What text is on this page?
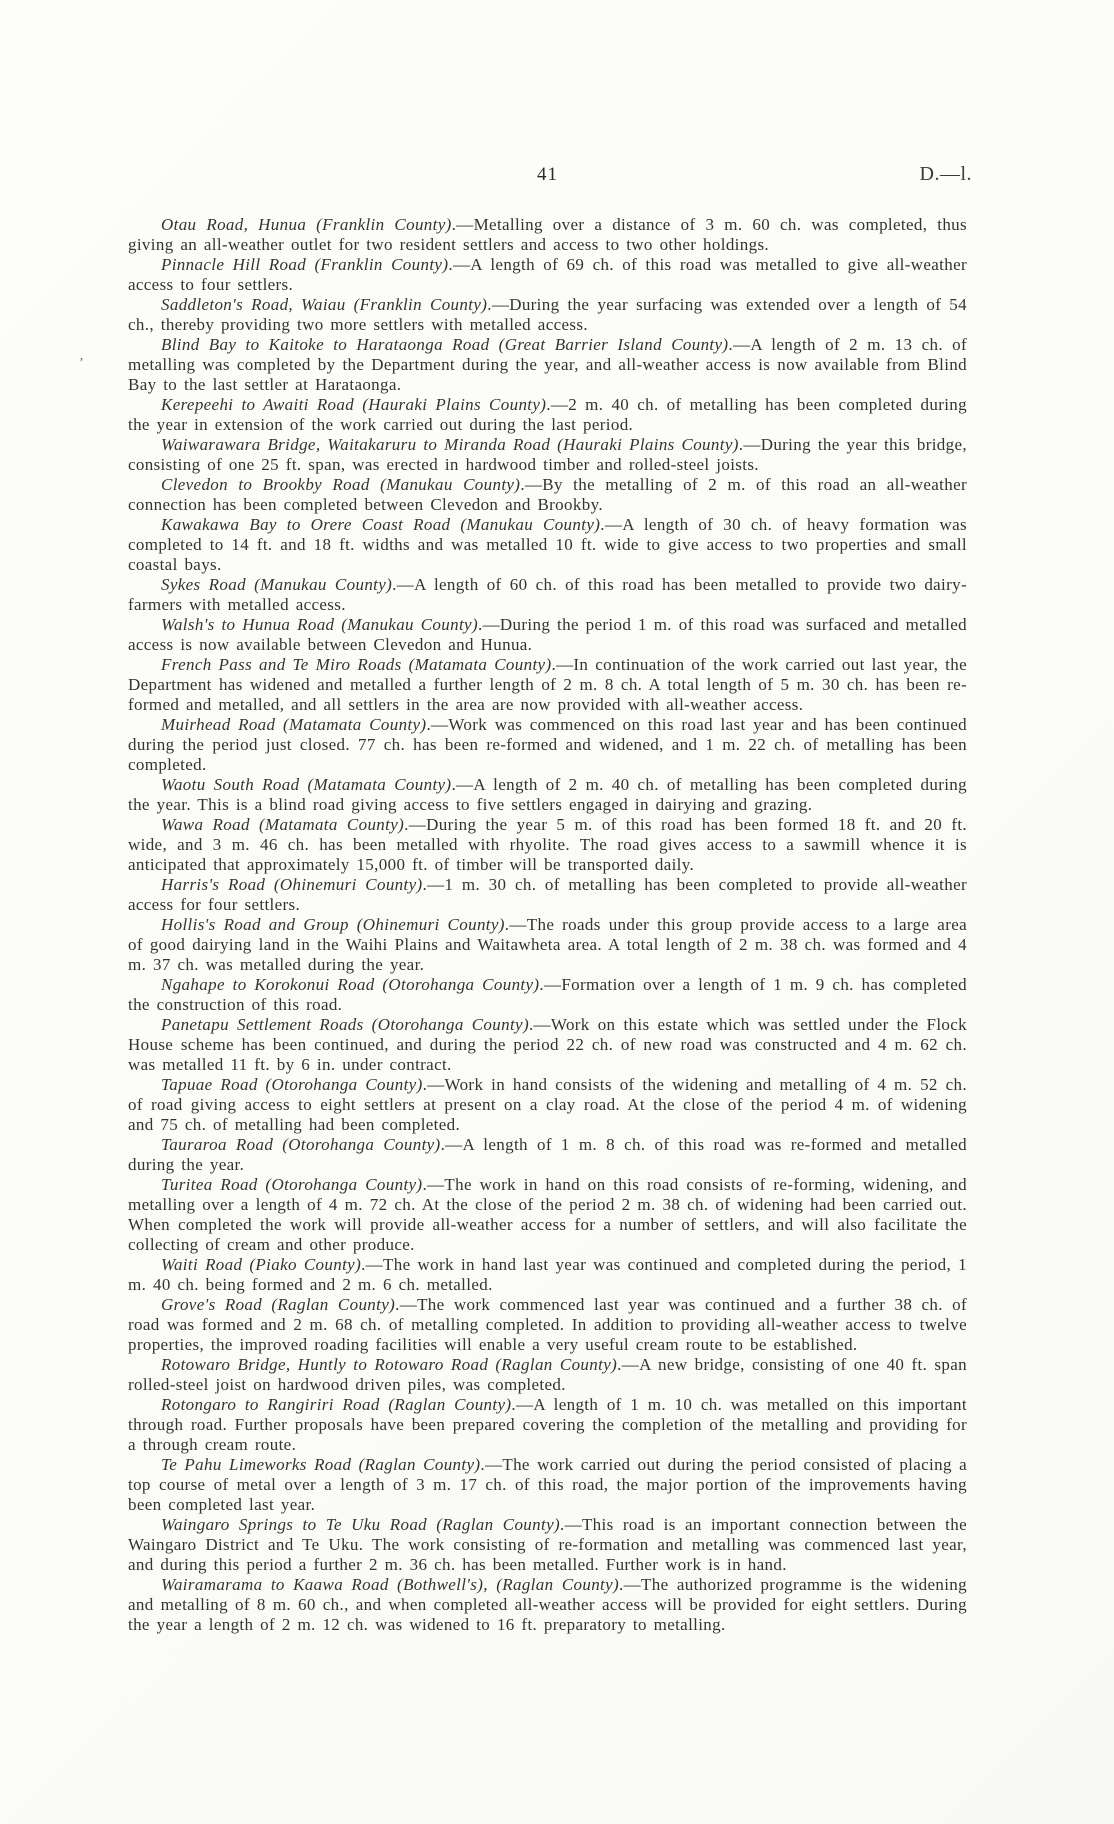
41	D.—l.
’

Otau Road, Hunua (Franklin County).—Metalling over a distance of 3 m. 60 ch. was completed, thus giving an all-weather outlet for two resident settlers and access to two other holdings.

Pinnacle Hill Road (Franklin County).—A length of 69 ch. of this road was metalled to give all-weather access to four settlers.

Saddleton's Road, Waiau (Franklin County).—During the year surfacing was extended over a length of 54 ch., thereby providing two more settlers with metalled access.

Blind Bay to Kaitoke to Harataonga Road (Great Barrier Island County).—A length of 2 m. 13 ch. of metalling was completed by the Department during the year, and all-weather access is now available from Blind Bay to the last settler at Harataonga.

Kerepeehi to Awaiti Road (Hauraki Plains County).—2 m. 40 ch. of metalling has been completed during the year in extension of the work carried out during the last period.

Waiwarawara Bridge, Waitakaruru to Miranda Road (Hauraki Plains County).—During the year this bridge, consisting of one 25 ft. span, was erected in hardwood timber and rolled-steel joists.

Clevedon to Brookby Road (Manukau County).—By the metalling of 2 m. of this road an all-weather connection has been completed between Clevedon and Brookby.

Kawakawa Bay to Orere Coast Road (Manukau County).—A length of 30 ch. of heavy formation was completed to 14 ft. and 18 ft. widths and was metalled 10 ft. wide to give access to two properties and small coastal bays.

Sykes Road (Manukau County).—A length of 60 ch. of this road has been metalled to provide two dairy-farmers with metalled access.

Walsh's to Hunua Road (Manukau County).—During the period 1 m. of this road was surfaced and metalled access is now available between Clevedon and Hunua.

French Pass and Te Miro Roads (Matamata County).—In continuation of the work carried out last year, the Department has widened and metalled a further length of 2 m. 8 ch. A total length of 5 m. 30 ch. has been re-formed and metalled, and all settlers in the area are now provided with all-weather access.

Muirhead Road (Matamata County).—Work was commenced on this road last year and has been continued during the period just closed. 77 ch. has been re-formed and widened, and 1 m. 22 ch. of metalling has been completed.

Waotu South Road (Matamata County).—A length of 2 m. 40 ch. of metalling has been completed during the year. This is a blind road giving access to five settlers engaged in dairying and grazing.

Wawa Road (Matamata County).—During the year 5 m. of this road has been formed 18 ft. and 20 ft. wide, and 3 m. 46 ch. has been metalled with rhyolite. The road gives access to a sawmill whence it is anticipated that approximately 15,000 ft. of timber will be transported daily.

Harris's Road (Ohinemuri County).—1 m. 30 ch. of metalling has been completed to provide all-weather access for four settlers.

Hollis's Road and Group (Ohinemuri County).—The roads under this group provide access to a large area of good dairying land in the Waihi Plains and Waitawheta area. A total length of 2 m. 38 ch. was formed and 4 m. 37 ch. was metalled during the year.

Ngahape to Korokonui Road (Otorohanga County).—Formation over a length of 1 m. 9 ch. has completed the construction of this road.

Panetapu Settlement Roads (Otorohanga County).—Work on this estate which was settled under the Flock House scheme has been continued, and during the period 22 ch. of new road was constructed and 4 m. 62 ch. was metalled 11 ft. by 6 in. under contract.

Tapuae Road (Otorohanga County).—Work in hand consists of the widening and metalling of 4 m. 52 ch. of road giving access to eight settlers at present on a clay road. At the close of the period 4 m. of widening and 75 ch. of metalling had been completed.

Tauraroa Road (Otorohanga County).—A length of 1 m. 8 ch. of this road was re-formed and metalled during the year.

Turitea Road (Otorohanga County).—The work in hand on this road consists of re-forming, widening, and metalling over a length of 4 m. 72 ch. At the close of the period 2 m. 38 ch. of widening had been carried out. When completed the work will provide all-weather access for a number of settlers, and will also facilitate the collecting of cream and other produce.

Waiti Road (Piako County).—The work in hand last year was continued and completed during the period, 1 m. 40 ch. being formed and 2 m. 6 ch. metalled.

Grove's Road (Raglan County).—The work commenced last year was continued and a further 38 ch. of road was formed and 2 m. 68 ch. of metalling completed. In addition to providing all-weather access to twelve properties, the improved roading facilities will enable a very useful cream route to be established.

Rotowaro Bridge, Huntly to Rotowaro Road (Raglan County).—A new bridge, consisting of one 40 ft. span rolled-steel joist on hardwood driven piles, was completed.

Rotongaro to Rangiriri Road (Raglan County).—A length of 1 m. 10 ch. was metalled on this important through road. Further proposals have been prepared covering the completion of the metalling and providing for a through cream route.

Te Pahu Limeworks Road (Raglan County).—The work carried out during the period consisted of placing a top course of metal over a length of 3 m. 17 ch. of this road, the major portion of the improvements having been completed last year.

Waingaro Springs to Te Uku Road (Raglan County).—This road is an important connection between the Waingaro District and Te Uku. The work consisting of re-formation and metalling was commenced last year, and during this period a further 2 m. 36 ch. has been metalled. Further work is in hand.

Wairamarama to Kaawa Road (Bothwell's), (Raglan County).—The authorized programme is the widening and metalling of 8 m. 60 ch., and when completed all-weather access will be provided for eight settlers. During the year a length of 2 m. 12 ch. was widened to 16 ft. preparatory to metalling.
